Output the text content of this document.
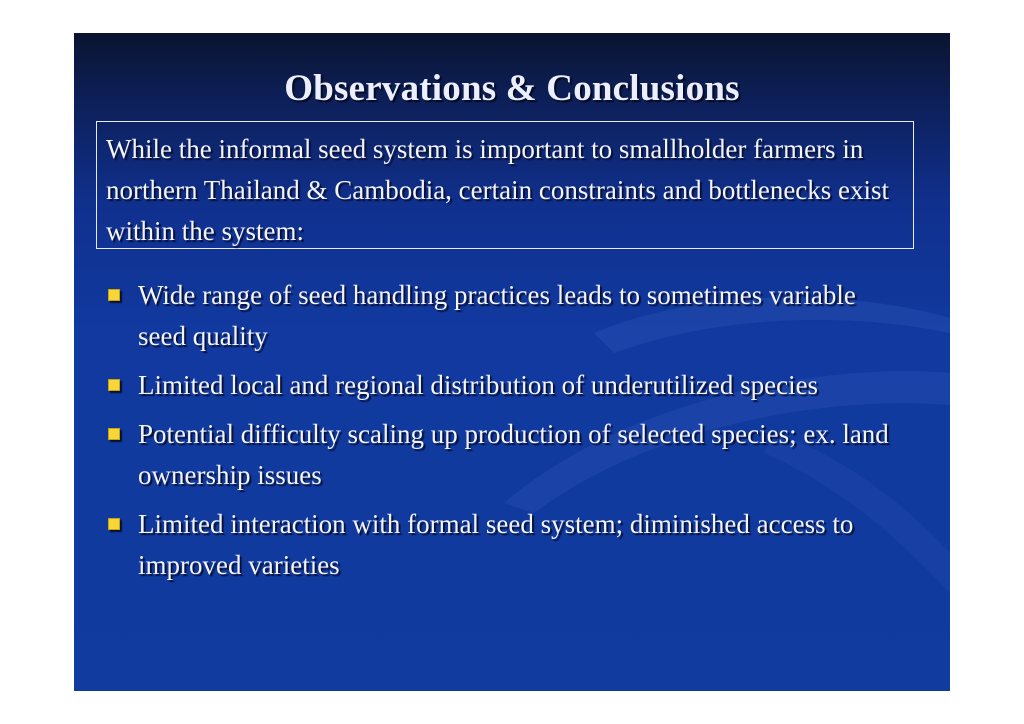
Observations & Conclusions
While the informal seed system is important to smallholder farmers in northern Thailand & Cambodia, certain constraints and bottlenecks exist within the system:
Wide range of seed handling practices leads to sometimes variable seed quality
Limited local and regional distribution of underutilized species
Potential difficulty scaling up production of selected species; ex. land ownership issues
Limited interaction with formal seed system; diminished access to improved varieties
